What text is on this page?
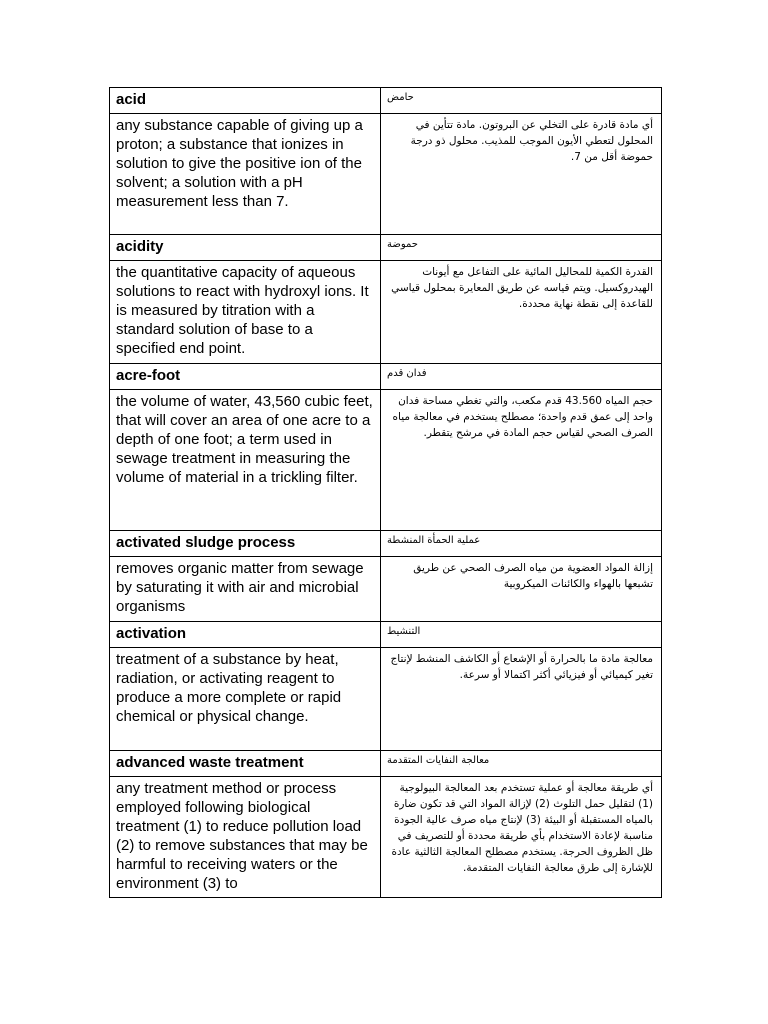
acid	حامض

any substance capable of giving up a proton; a substance that ionizes in solution to give the positive ion of the solvent; a solution with a pH measurement less than 7.	أي مادة قادرة على التخلي عن البروتون. مادة تتأين في المحلول لتعطي الأيون الموجب للمذيب. محلول ذو درجة حموضة أقل من 7.

acidity	حموضة

the quantitative capacity of aqueous solutions to react with hydroxyl ions. It is measured by titration with a standard solution of base to a specified end point.	القدرة الكمية للمحاليل المائية على التفاعل مع أيونات الهيدروكسيل. ويتم قياسه عن طريق المعايرة بمحلول قياسي للقاعدة إلى نقطة نهاية محددة.

acre-foot	فدان قدم

the volume of water, 43,560 cubic feet, that will cover an area of one acre to a depth of one foot; a term used in sewage treatment in measuring the volume of material in a trickling filter.	حجم المياه 43.560 قدم مكعب، والتي تغطي مساحة فدان واحد إلى عمق قدم واحدة؛ مصطلح يستخدم في معالجة مياه الصرف الصحي لقياس حجم المادة في مرشح يتقطر.

activated sludge process	عملية الحمأة المنشطة

removes organic matter from sewage by saturating it with air and microbial organisms	إزالة المواد العضوية من مياه الصرف الصحي عن طريق تشبعها بالهواء والكائنات الميكروبية

activation	التنشيط

treatment of a substance by heat, radiation, or activating reagent to produce a more complete or rapid chemical or physical change.	معالجة مادة ما بالحرارة أو الإشعاع أو الكاشف المنشط لإنتاج تغير كيميائي أو فيزيائي أكثر اكتمالا أو سرعة.

advanced waste treatment	معالجة النفايات المتقدمة

any treatment method or process employed following biological treatment (1) to reduce pollution load (2) to remove substances that may be harmful to receiving waters or the environment (3) to	أي طريقة معالجة أو عملية تستخدم بعد المعالجة البيولوجية (1) لتقليل حمل التلوث (2) لإزالة المواد التي قد تكون ضارة بالمياه المستقبلة أو البيئة (3) لإنتاج مياه صرف عالية الجودة مناسبة لإعادة الاستخدام بأي طريقة محددة أو للتصريف في ظل الظروف الحرجة. يستخدم مصطلح المعالجة الثالثية عادة للإشارة إلى طرق معالجة النفايات المتقدمة.
